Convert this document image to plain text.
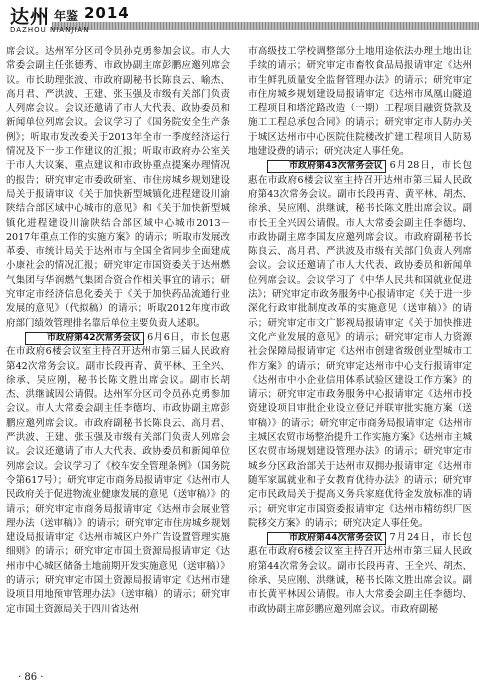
达州 年鉴 2014
DAZHOU NIANJIAN

席会议。达州军分区司令员孙克勇参加会议。市人大常委会副主任张德秀、市政协副主席彭鹏应邀列席会议。市长助理张波、市政府副秘书长陈良云、喻杰、高月君、严洪波、王建、张玉强及市级有关部门负责人列席会议。会议还邀请了市人大代表、政协委员和新闻单位列席会议。会议学习了《国务院安全生产条例》；听取市发改委关于2013年全市一季度经济运行情况及下一步工作建议的汇报；听取市政府办公室关于市人大议案、重点建议和市政协重点提案办理情况的报告；研究审定市委政研室、市住房城乡规划建设局关于报请审议《关于加快新型城镇化进程建设川渝陕结合部区域中心城市的意见》和《关于加快新型城镇化进程建设川渝陕结合部区域中心城市2013－2017年重点工作的实施方案》的请示；听取市发展改革委、市统计局关于达州市与全国全省同步全面建成小康社会的情况汇报；研究审定市国资委关于达州燃气集团与华润燃气集团合资合作相关事宜的请示；研究审定市经济信息化委关于《关于加快药品流通行业发展的意见》（代拟稿）的请示；听取2012年度市政府部门绩效管理排名靠后单位主要负责人述职。

市政府第42次常务会议 6月6日，市长包惠在市政府6楼会议室主持召开达州市第三届人民政府第42次常务会议。副市长段再青、黄平林、王全兴、徐承、吴应刚，秘书长陈文胜出席会议。副市长胡杰、洪继诚因公请假。达州军分区司令员孙克勇参加会议。市人大常委会副主任李德均、市政协副主席彭鹏应邀列席会议。市政府副秘书长陈良云、高月君、严洪波、王建、张玉强及市级有关部门负责人列席会议。会议还邀请了市人大代表、政协委员和新闻单位列席会议。会议学习了《校车安全管理条例》（国务院令第617号）；研究审定市商务局报请审定《达州市人民政府关于促进物流业健康发展的意见（送审稿）》的请示；研究审定市商务局报请审定《达州市会展业管理办法（送审稿）》的请示；研究审定市住房城乡规划建设局报请审定《达州市城区户外广告设置管理实施细则》的请示；研究审定市国土资源局报请审定《达州市中心城区储备土地前期开发实施意见（送审稿）》的请示；研究审定市国土资源局报请审定《达州市建设项目用地预审管理办法》（送审稿）的请示；研究审定市国土资源局关于四川省达州

市高级技工学校调整部分土地用途依法办理土地出让手续的请示；研究审定市畜牧食品局报请审定《达州市生鲜乳质量安全监督管理办法》的请示；研究审定市住房城乡规划建设局报请审定《达州市凤凰山隧道工程项目和塔沱路改造（一期）工程项目融资贷款及施工工程总承包合同》的请示；研究审定市人防办关于城区达州市中心医院住院楼改扩建工程项目人防易地建设费的请示；研究决定人事任免。

市政府第43次常务会议 6月28日，市长包惠在市政府6楼会议室主持召开达州市第三届人民政府第43次常务会议。副市长段再青、黄平林、胡杰、徐承、吴应刚、洪继诚，秘书长陈文胜出席会议。副市长王全兴因公请假。市人大常委会副主任李德均、市政协副主席李国友应邀列席会议。市政府副秘书长陈良云、高月君、严洪波及市级有关部门负责人列席会议。会议还邀请了市人大代表、政协委员和新闻单位列席会议。会议学习了《中华人民共和国就业促进法》；研究审定市政务服务中心报请审定《关于进一步深化行政审批制度改革的实施意见（送审稿）》的请示；研究审定市文广影视局报请审定《关于加快推进文化产业发展的意见》的请示；研究审定市人力资源社会保障局报请审定《达州市创建省级创业型城市工作方案》的请示；研究审定达州市中心支行报请审定《达州市中小企业信用体系试验区建设工作方案》的请示；研究审定市政务服务中心报请审定《达州市投资建设项目审批企业设立登记并联审批实施方案（送审稿）》的请示；研究审定市商务局报请审定《达州市主城区农贸市场整治提升工作实施方案》《达州市主城区农贸市场规划建设管理办法》的请示；研究审定市城乡分区政治部关于达州市双拥办报请审定《达州市随军家属就业和子女教育优待办法》的请示；研究审定市民政局关于提高义务兵家庭优待金发放标准的请示；研究审定市国资委报请审定《达州市精纺织厂医院移交方案》的请示；研究决定人事任免。

市政府第44次常务会议 7月24日，市长包惠在市政府6楼会议室主持召开达州市第三届人民政府第44次常务会议。副市长段再青、王全兴、胡杰、徐承、吴应刚、洪继诚，秘书长陈文胜出席会议。副市长黄平林因公请假。市人大常委会副主任李德均、市政协副主席彭鹏应邀列席会议。市政府副秘

· 86 ·
